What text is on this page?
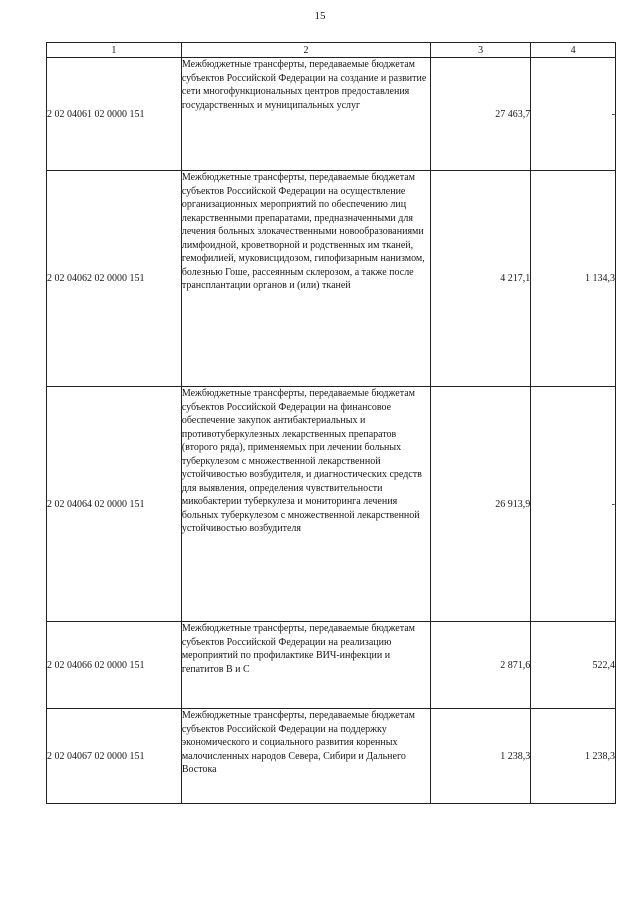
15
1	2	3	4
2 02 04061 02 0000 151	Межбюджетные трансферты, передаваемые бюджетам субъектов Российской Федерации на создание и развитие сети многофункциональных центров предоставления государственных и муниципальных услуг	27 463,7	-
2 02 04062 02 0000 151	Межбюджетные трансферты, передаваемые бюджетам субъектов Российской Федерации на осуществление организационных мероприятий по обеспечению лиц лекарственными препаратами, предназначенными для лечения больных злокачественными новообразованиями лимфоидной, кроветворной и родственных им тканей, гемофилией, муковисцидозом, гипофизарным нанизмом, болезнью Гоше, рассеянным склерозом, а также после трансплантации органов и (или) тканей	4 217,1	1 134,3
2 02 04064 02 0000 151	Межбюджетные трансферты, передаваемые бюджетам субъектов Российской Федерации на финансовое обеспечение закупок антибактериальных и противотуберкулезных лекарственных препаратов (второго ряда), применяемых при лечении больных туберкулезом с множественной лекарственной устойчивостью возбудителя, и диагностических средств для выявления, определения чувствительности микобактерии туберкулеза и мониторинга лечения больных туберкулезом с множественной лекарственной устойчивостью возбудителя	26 913,9	-
2 02 04066 02 0000 151	Межбюджетные трансферты, передаваемые бюджетам субъектов Российской Федерации на реализацию мероприятий по профилактике ВИЧ-инфекции и гепатитов В и С	2 871,6	522,4
2 02 04067 02 0000 151	Межбюджетные трансферты, передаваемые бюджетам субъектов Российской Федерации на поддержку экономического и социального развития коренных малочисленных народов Севера, Сибири и Дальнего Востока	1 238,3	1 238,3
